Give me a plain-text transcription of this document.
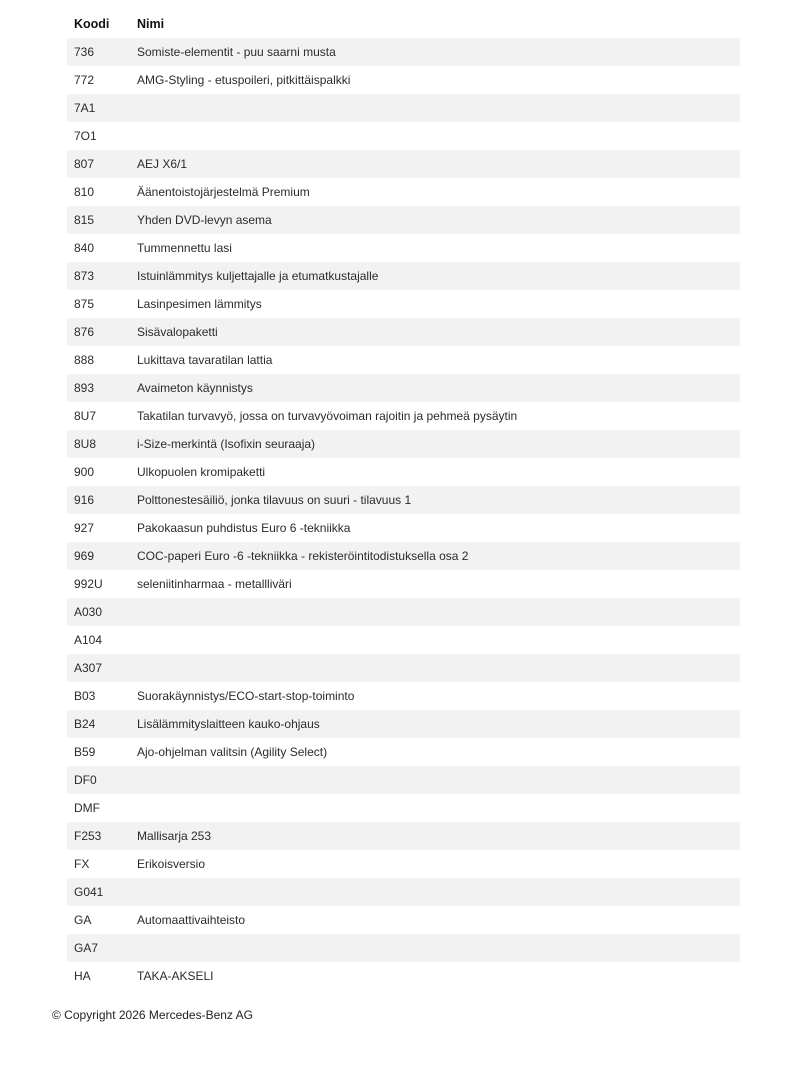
Koodi	Nimi
736	Somiste-elementit - puu saarni musta
772	AMG-Styling - etuspoileri, pitkittäispalkki
7A1
7O1
807	AEJ X6/1
810	Äänentoistojärjestelmä Premium
815	Yhden DVD-levyn asema
840	Tummennettu lasi
873	Istuinlämmitys kuljettajalle ja etumatkustajalle
875	Lasinpesimen lämmitys
876	Sisävalopaketti
888	Lukittava tavaratilan lattia
893	Avaimeton käynnistys
8U7	Takatilan turvavyö, jossa on turvavyövoiman rajoitin ja pehmeä pysäytin
8U8	i-Size-merkintä (Isofixin seuraaja)
900	Ulkopuolen kromipaketti
916	Polttonestesäiliö, jonka tilavuus on suuri - tilavuus 1
927	Pakokaasun puhdistus Euro 6 -tekniikka
969	COC-paperi Euro -6 -tekniikka - rekisteröintitodistuksella osa 2
992U	seleniitinharmaa - metallliväri
A030
A104
A307
B03	Suorakäynnistys/ECO-start-stop-toiminto
B24	Lisälämmityslaitteen kauko-ohjaus
B59	Ajo-ohjelman valitsin (Agility Select)
DF0
DMF
F253	Mallisarja 253
FX	Erikoisversio
G041
GA	Automaattivaihteisto
GA7
HA	TAKA-AKSELI
© Copyright 2026 Mercedes-Benz AG
